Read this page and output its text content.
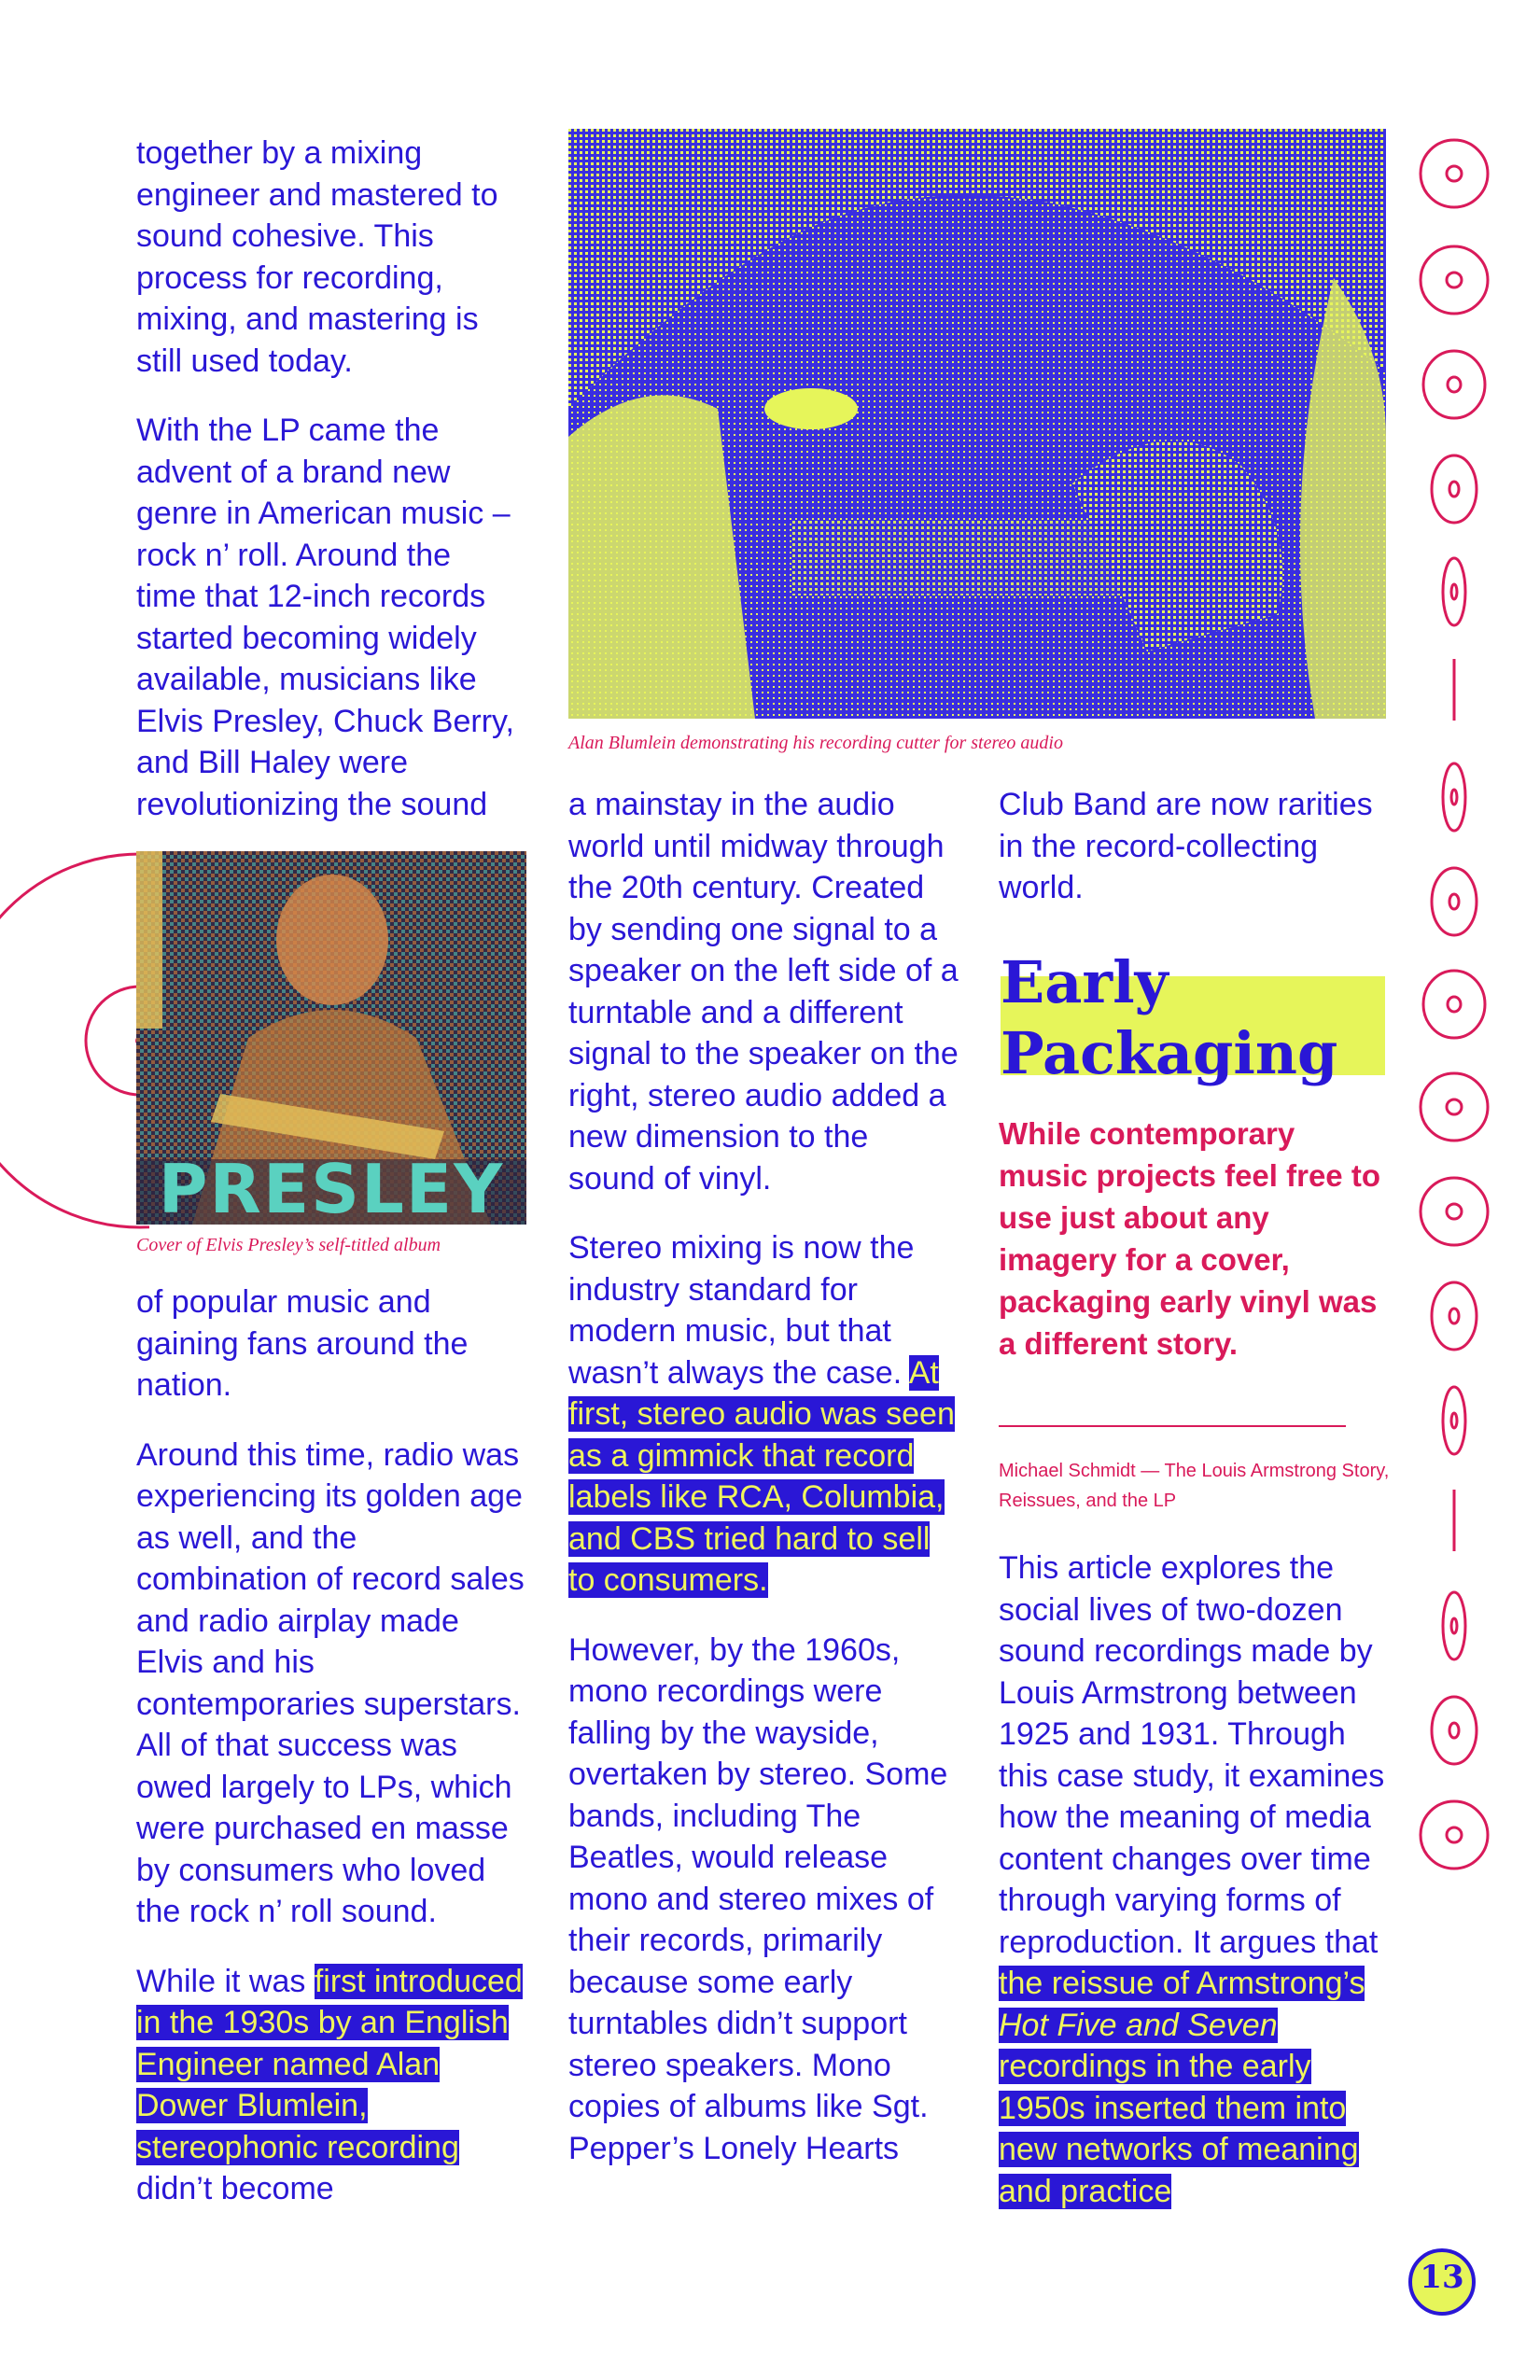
together by a mixing engineer and mastered to sound cohesive. This process for recording, mixing, and mastering is still used today.

With the LP came the advent of a brand new genre in American music – rock n’ roll. Around the time that 12-inch records started becoming widely available, musicians like Elvis Presley, Chuck Berry, and Bill Haley were revolutionizing the sound

PRESLEY
Cover of Elvis Presley’s self-titled album

of popular music and gaining fans around the nation.

Around this time, radio was experiencing its golden age as well, and the combination of record sales and radio airplay made Elvis and his contemporaries superstars. All of that success was owed largely to LPs, which were purchased en masse by consumers who loved the rock n’ roll sound.

While it was first introduced in the 1930s by an English Engineer named Alan Dower Blumlein, stereophonic recording didn’t become

Alan Blumlein demonstrating his recording cutter for stereo audio

a mainstay in the audio world until midway through the 20th century. Created by sending one signal to a speaker on the left side of a turntable and a different signal to the speaker on the right, stereo audio added a new dimension to the sound of vinyl.

Stereo mixing is now the industry standard for modern music, but that wasn’t always the case. At first, stereo audio was seen as a gimmick that record labels like RCA, Columbia, and CBS tried hard to sell to consumers.

However, by the 1960s, mono recordings were falling by the wayside, overtaken by stereo. Some bands, including The Beatles, would release mono and stereo mixes of their records, primarily because some early turntables didn’t support stereo speakers. Mono copies of albums like Sgt. Pepper’s Lonely Hearts

Club Band are now rarities in the record-collecting world.

Early
Packaging
While contemporary music projects feel free to use just about any imagery for a cover, packaging early vinyl was a different story.
Michael Schmidt — The Louis Armstrong Story, Reissues, and the LP

This article explores the social lives of two-dozen sound recordings made by Louis Armstrong between 1925 and 1931. Through this case study, it examines how the meaning of media content changes over time through varying forms of reproduction. It argues that the reissue of Armstrong’s Hot Five and Seven recordings in the early 1950s inserted them into new networks of meaning and practice

13
